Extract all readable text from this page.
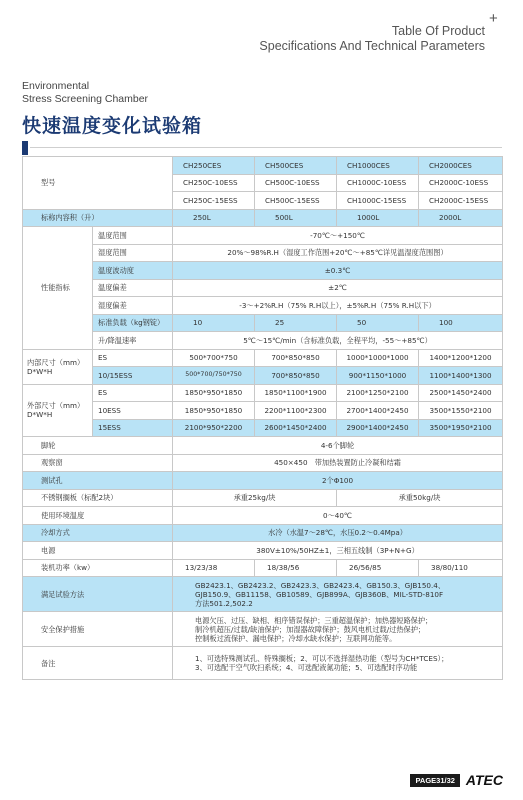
+
Table Of Product
Specifications And Technical Parameters
Environmental
Stress Screening Chamber
快速温度变化试验箱
型号		CH250CES	CH500CES	CH1000CES	CH2000CES
		CH250C-10ESS	CH500C-10ESS	CH1000C-10ESS	CH2000C-10ESS
		CH250C-15ESS	CH500C-15ESS	CH1000C-15ESS	CH2000C-15ESS
标称内容积（升）		250L	500L	1000L	2000L
性能指标	温度范围	-70℃～+150℃			
	湿度范围	20%～98%R.H（湿度工作范围+20℃～+85℃详见温湿度范围图）			
	温度波动度	±0.3℃			
	温度偏差	±2℃			
	湿度偏差	-3～+2%R.H（75% R.H以上），±5%R.H（75% R.H以下）			
	标准负载（kg钢锭）	10	25	50	100
	升/降温速率	5℃～15℃/min（含标准负载，全程平均，-55～+85℃）			
内部尺寸（mm）
D*W*H	ES	500*700*750	700*850*850	1000*1000*1000	1400*1200*1200
	10/15ESS	500*700/750*750	700*850*850	900*1150*1000	1100*1400*1300
外部尺寸（mm）
D*W*H	ES	1850*950*1850	1850*1100*1900	2100*1250*2100	2500*1450*2400
	10ESS	1850*950*1850	2200*1100*2300	2700*1400*2450	3500*1550*2100
	15ESS	2100*950*2200	2600*1450*2400	2900*1400*2450	3500*1950*2100
脚轮		4-6个脚轮			
观察窗		450×450　带加热装置防止冷凝和结霜			
测试孔		2个Φ100			
不锈钢搁板（标配2块）		承重25kg/块		承重50kg/块	
使用环境温度		0～40℃			
冷却方式		水冷（水温7～28℃，水压0.2～0.4Mpa）			
电源		380V±10%/50HZ±1，三相五线制（3P+N+G）			
装机功率（kw）		13/23/38	18/38/56	26/56/85	38/80/110
满足试验方法		GB2423.1、GB2423.2、GB2423.3、GB2423.4、GB150.3、GJB150.4、
GJB150.9、GB11158、GB10589、GJB899A、GJB360B、MIL-STD-810F
方法501.2,502.2			

安全保护措施		电源欠压、过压、缺相、相序错误保护；三重超温保护；加热器短路保护；
制冷机超压/过载/缺油保护；加湿器故障保护；鼓风电机过载/过热保护；
控制板过流保护、漏电保护；冷却水缺水保护；互联网功能等。			

备注		1、可选特殊测试孔、特殊搁板；2、可以不选择湿热功能（型号为CH*TCES）；
3、可选配干空气吹扫系统；4、可选配液氮功能；5、可选配时序功能			
PAGE31/32 ATEC
